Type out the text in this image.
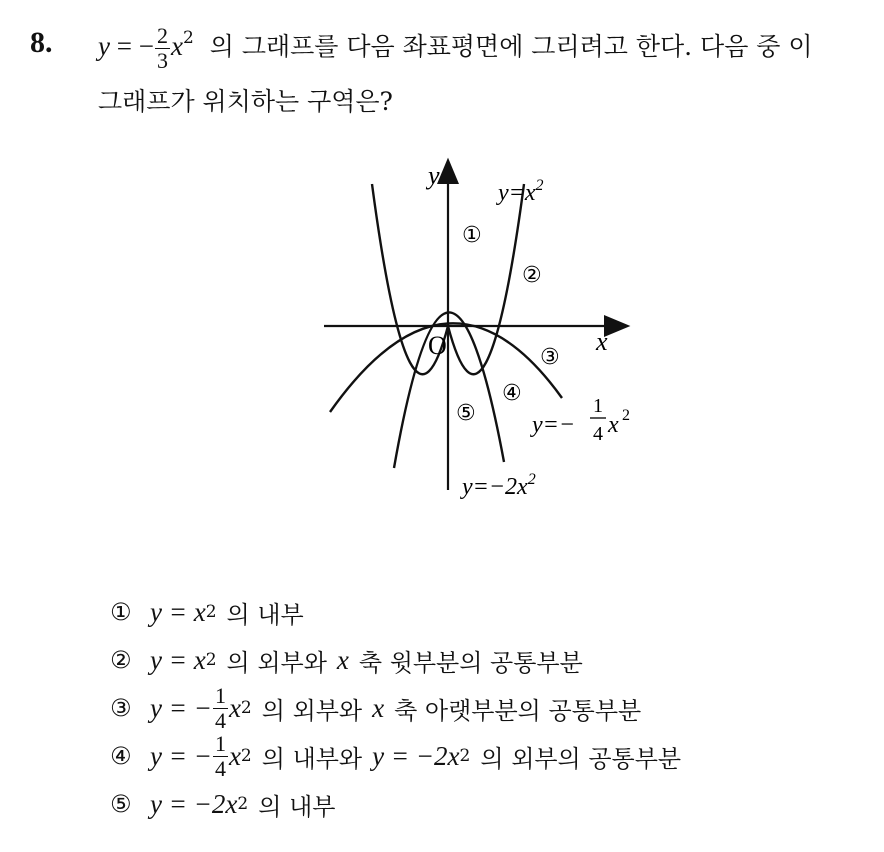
8. y = − $\frac{2}{3} x^2$ 의 그래프를 다음 좌표평면에 그리려고 한다. 다음 중 이
그래프가 위치하는 구역은?
y
x
O
$y=x^2$
y=−
1
4 x 2
$y=-2x^2$
①
②
③
④
⑤
① y = x 2 의 내부
② y = x 2 의 외부와 x 축 윗부분의 공통부분
③ y = − $\frac{1}{4}$ x 2 의 외부와 x 축 아랫부분의 공통부분
④ y = − $\frac{1}{4}$ x 2 의 내부와 y = −2x 2 의 외부의 공통부분
⑤ y = −2x 2 의 내부
